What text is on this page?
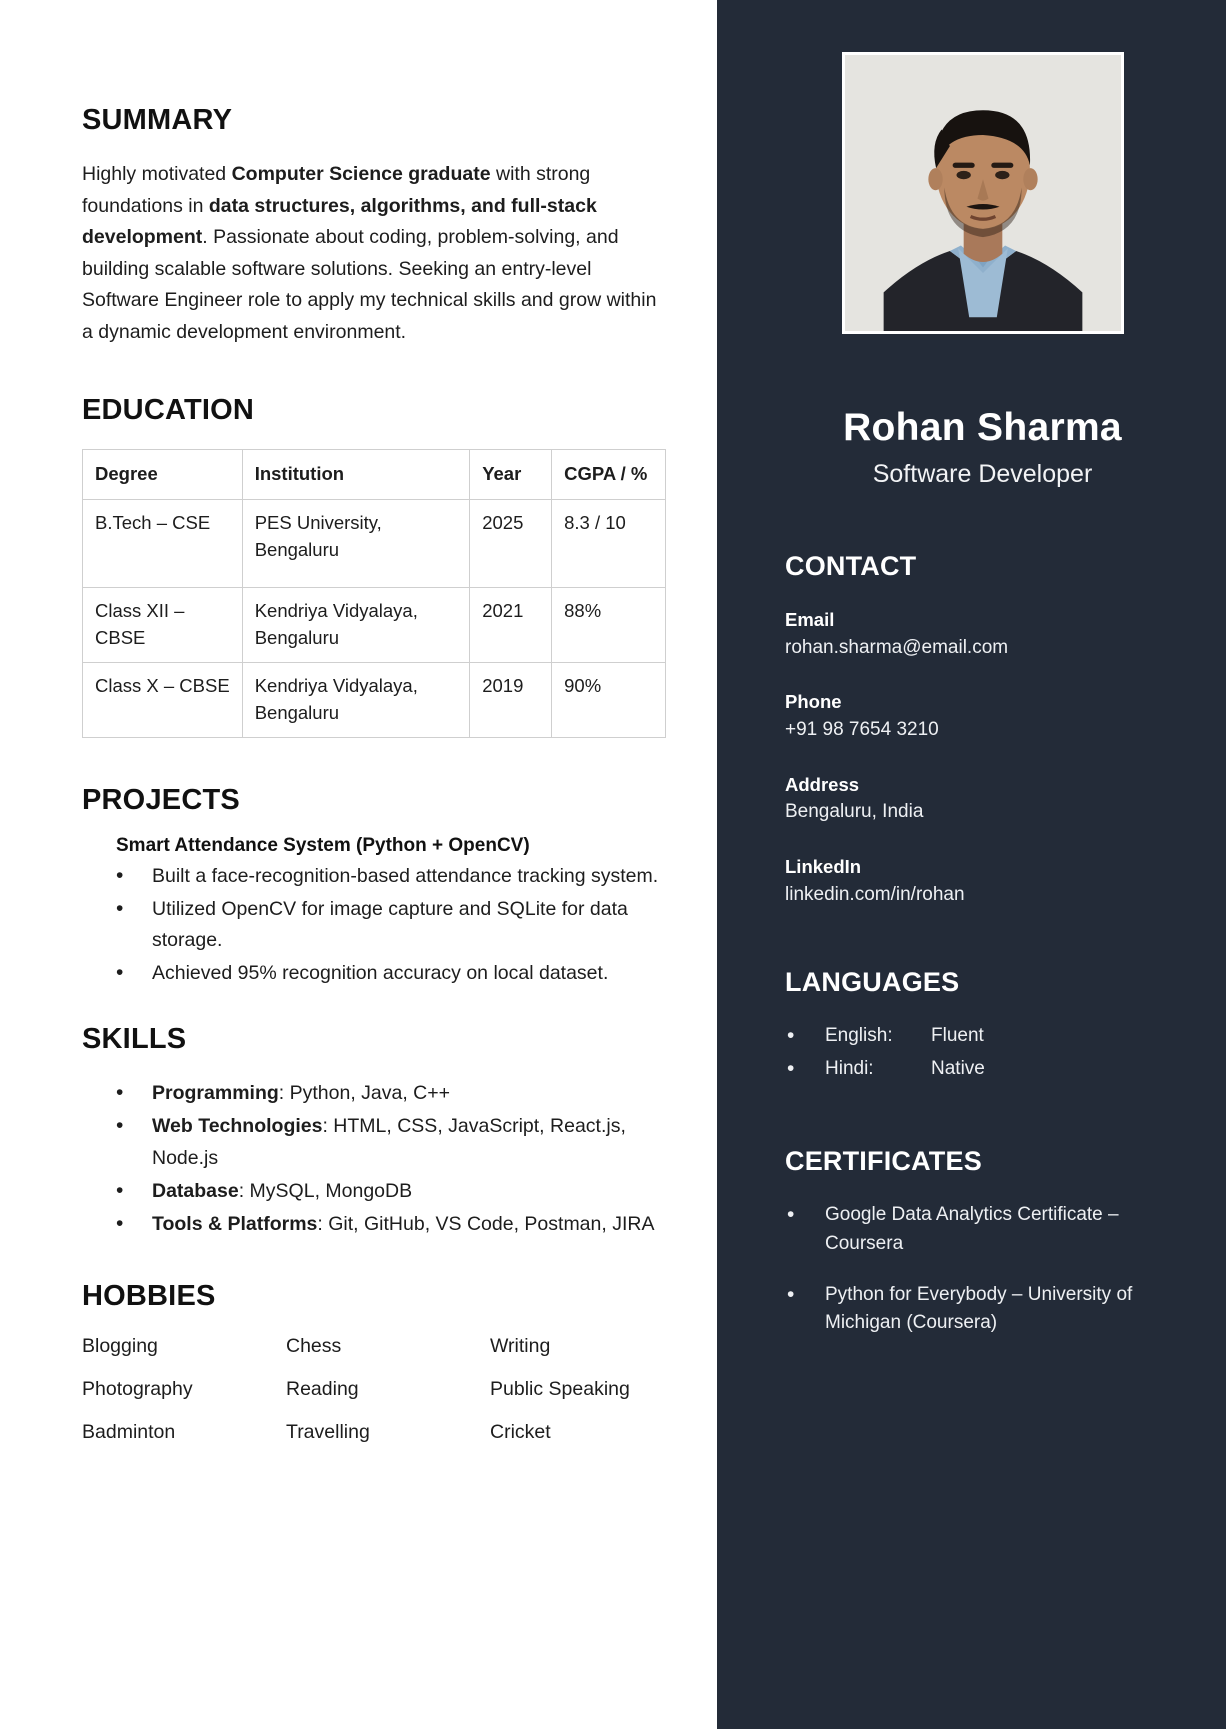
SUMMARY

Highly motivated Computer Science graduate with strong foundations in data structures, algorithms, and full-stack development. Passionate about coding, problem-solving, and building scalable software solutions. Seeking an entry-level Software Engineer role to apply my technical skills and grow within a dynamic development environment.

EDUCATION
Degree	Institution	Year	CGPA / %
B.Tech – CSE	PES University, Bengaluru	2025	8.3 / 10
Class XII – CBSE	Kendriya Vidyalaya, Bengaluru	2021	88%
Class X – CBSE	Kendriya Vidyalaya, Bengaluru	2019	90%
PROJECTS
Smart Attendance System (Python + OpenCV)
• Built a face-recognition-based attendance tracking system.
• Utilized OpenCV for image capture and SQLite for data storage.
• Achieved 95% recognition accuracy on local dataset.
SKILLS
• Programming: Python, Java, C++
• Web Technologies: HTML, CSS, JavaScript, React.js, Node.js
• Database: MySQL, MongoDB
• Tools & Platforms: Git, GitHub, VS Code, Postman, JIRA
HOBBIES
Blogging	Chess	Writing
Photography	Reading	Public Speaking
Badminton	Travelling	Cricket
Rohan Sharma
Software Developer
CONTACT
Email
rohan.sharma@email.com
Phone
+91 98 7654 3210
Address
Bengaluru, India
LinkedIn
linkedin.com/in/rohan
LANGUAGES
• English: Fluent
• Hindi:	Native
CERTIFICATES
• Google Data Analytics Certificate – Coursera
• Python for Everybody – University of Michigan (Coursera)
